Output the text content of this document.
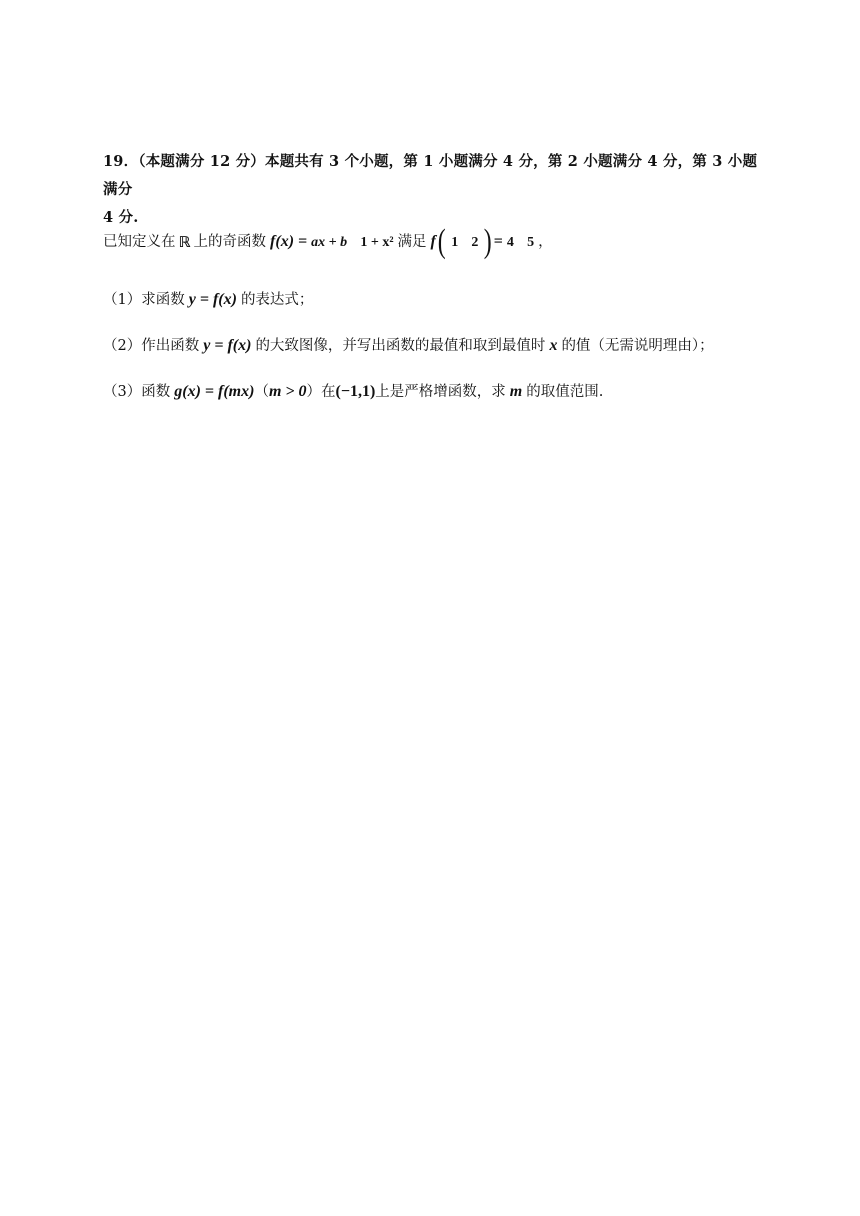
19．（本题满分 12 分）本题共有 3 个小题，第 1 小题满分 4 分，第 2 小题满分 4 分，第 3 小题满分
4 分.
已知定义在 ℝ 上的奇函数 f(x) = ax + b 1 + x² 满足 f ( 1 2 ) = 4 5 ，
（1）求函数 y = f(x) 的表达式；
（2）作出函数 y = f(x) 的大致图像，并写出函数的最值和取到最值时 x 的值（无需说明理由）；
（3）函数 g(x) = f(mx) （ m > 0 ）在 (−1,1) 上是严格增函数，求 m 的取值范围.
